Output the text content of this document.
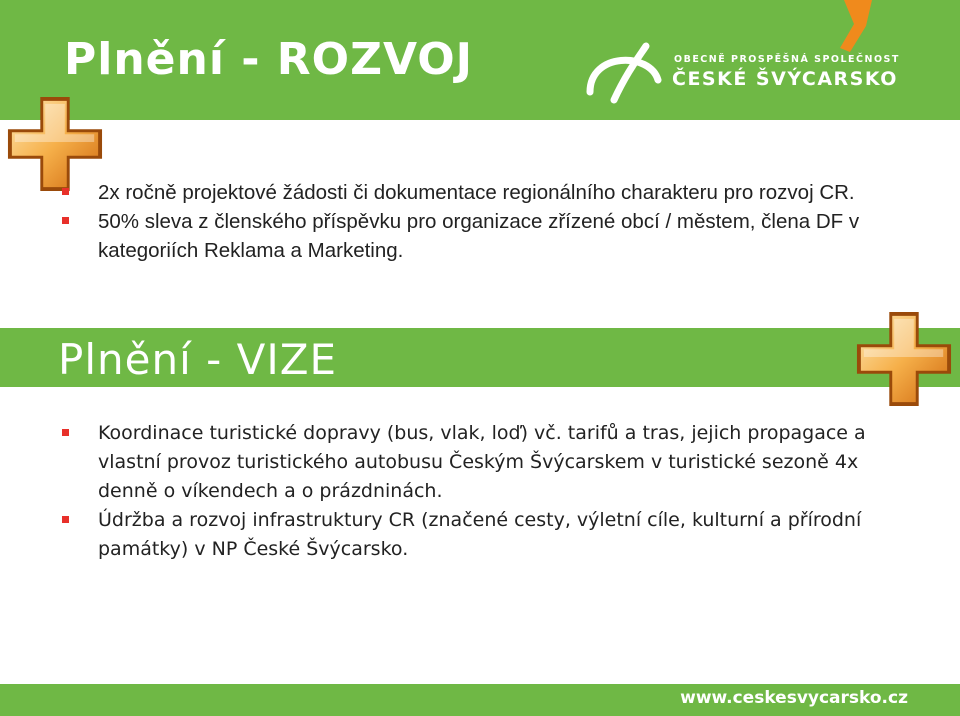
Plnění - ROZVOJ	OBECNĚ PROSPĚŠNÁ SPOLEČNOST
ČESKÉ ŠVÝCARSKO
2x ročně projektové žádosti či dokumentace regionálního charakteru pro rozvoj CR.
50% sleva z členského příspěvku pro organizace zřízené obcí / městem, člena DF v kategoriích Reklama a Marketing.
Plnění - VIZE
Koordinace turistické dopravy (bus, vlak, loď) vč. tarifů a tras, jejich propagace a vlastní provoz turistického autobusu Českým Švýcarskem v turistické sezoně 4x denně o víkendech a o prázdninách.
Údržba a rozvoj infrastruktury CR (značené cesty, výletní cíle, kulturní a přírodní památky) v NP České Švýcarsko.
www.ceskesvycarsko.cz
